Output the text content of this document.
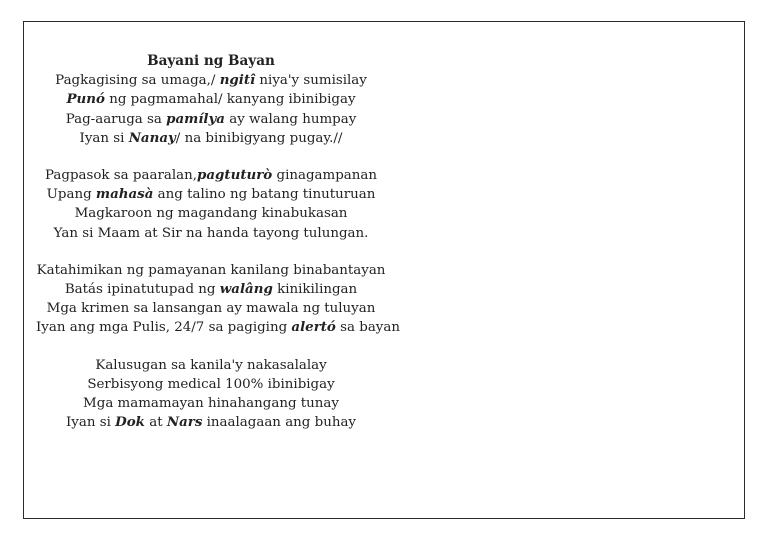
Bayani ng Bayan
Pagkagising sa umaga,/ ngitî niya'y sumisilay
Punó ng pagmamahal/ kanyang ibinibigay
Pag-aaruga sa pamílya ay walang humpay
Iyan si Nanay/ na binibigyang pugay.//
Pagpasok sa paaralan,pagtuturò ginagampanan
Upang mahasà ang talino ng batang tinuturuan
Magkaroon ng magandang kinabukasan
Yan si Maam at Sir na handa tayong tulungan.
Katahimikan ng pamayanan kanilang binabantayan
Batás ipinatutupad ng walâng kinikilingan
Mga krimen sa lansangan ay mawala ng tuluyan
Iyan ang mga Pulis, 24/7 sa pagiging alertó sa bayan
Kalusugan sa kanila'y nakasalalay
Serbisyong medical 100% ibinibigay
Mga mamamayan hinahangang tunay
Iyan si Dok at Nars inaalagaan ang buhay
